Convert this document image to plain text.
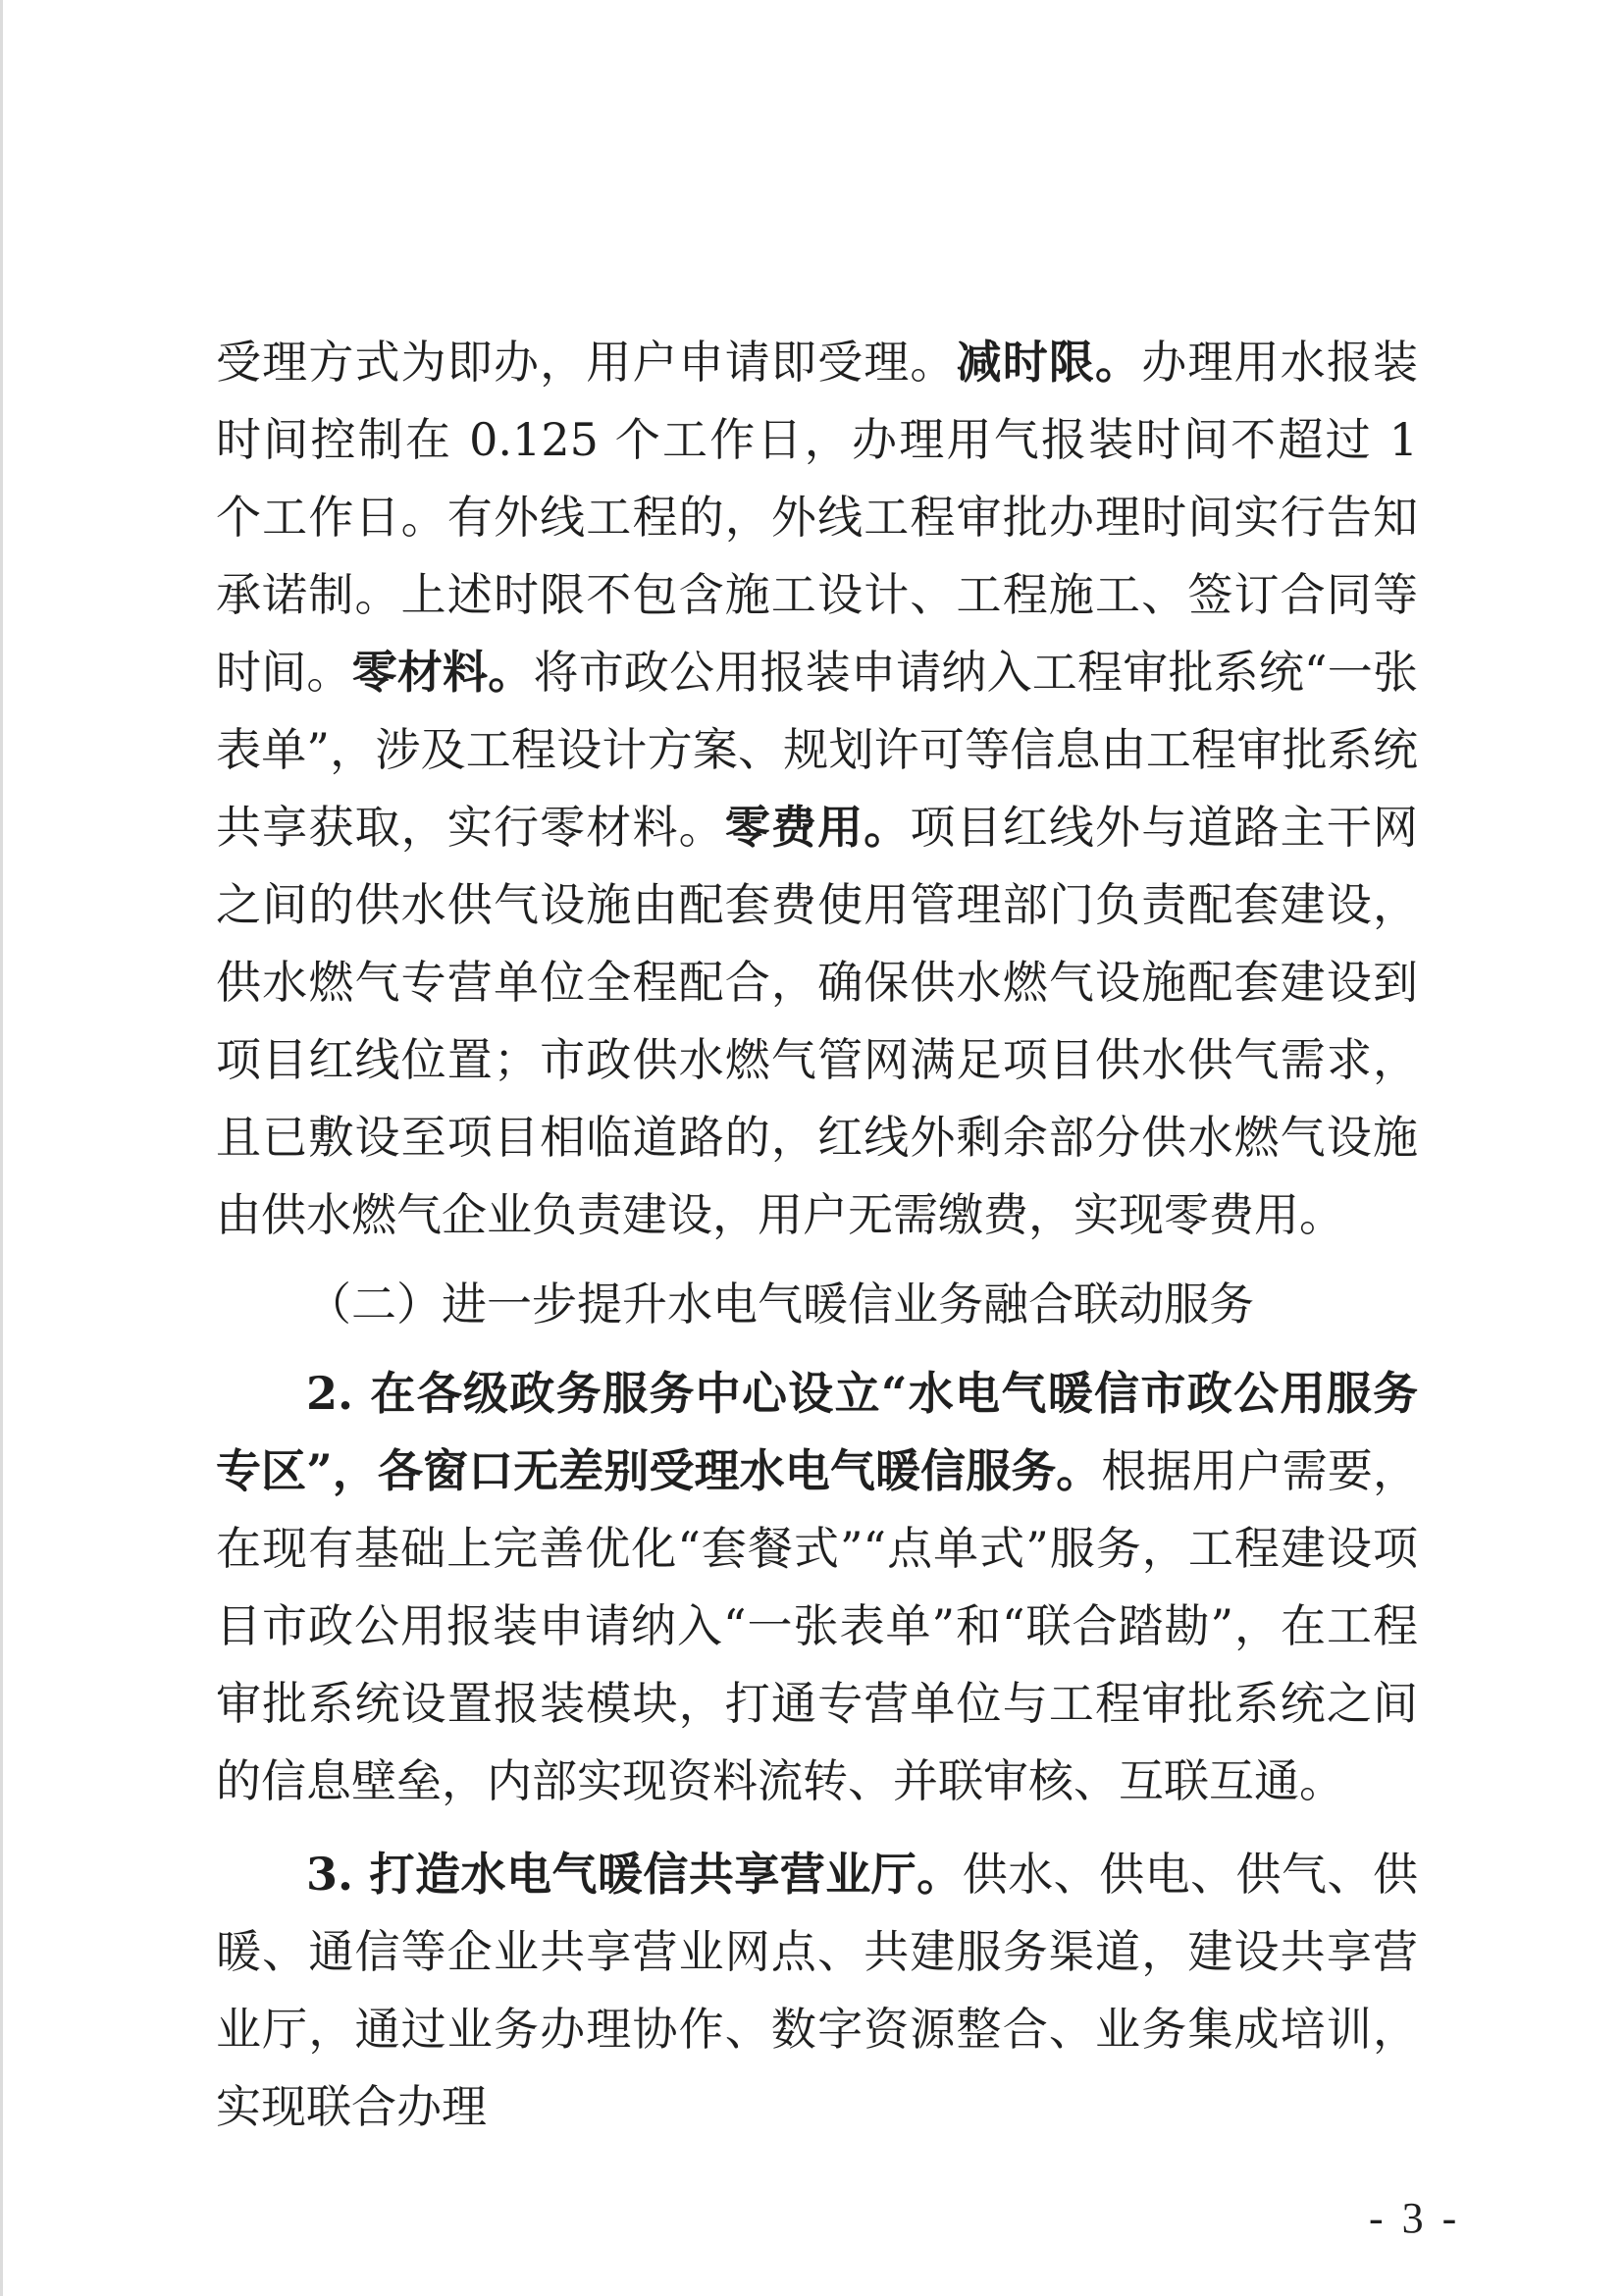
受理方式为即办，用户申请即受理。减时限。办理用水报装时间控制在 0.125 个工作日，办理用气报装时间不超过 1 个工作日。有外线工程的，外线工程审批办理时间实行告知承诺制。上述时限不包含施工设计、工程施工、签订合同等时间。零材料。将市政公用报装申请纳入工程审批系统“一张表单”，涉及工程设计方案、规划许可等信息由工程审批系统共享获取，实行零材料。零费用。项目红线外与道路主干网之间的供水供气设施由配套费使用管理部门负责配套建设，供水燃气专营单位全程配合，确保供水燃气设施配套建设到项目红线位置；市政供水燃气管网满足项目供水供气需求，且已敷设至项目相临道路的，红线外剩余部分供水燃气设施由供水燃气企业负责建设，用户无需缴费，实现零费用。

（二）进一步提升水电气暖信业务融合联动服务

2. 在各级政务服务中心设立“水电气暖信市政公用服务专区”，各窗口无差别受理水电气暖信服务。根据用户需要，在现有基础上完善优化“套餐式”“点单式”服务，工程建设项目市政公用报装申请纳入“一张表单”和“联合踏勘”，在工程审批系统设置报装模块，打通专营单位与工程审批系统之间的信息壁垒，内部实现资料流转、并联审核、互联互通。

3. 打造水电气暖信共享营业厅。供水、供电、供气、供暖、通信等企业共享营业网点、共建服务渠道，建设共享营业厅，通过业务办理协作、数字资源整合、业务集成培训，实现联合办理

- 3 -
